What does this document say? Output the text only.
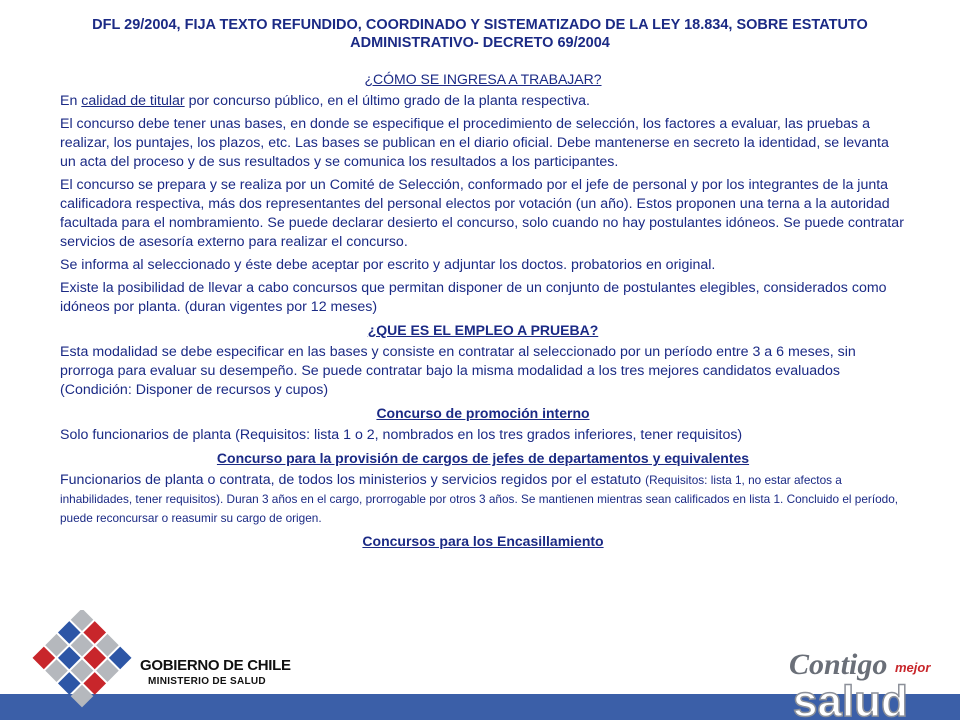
DFL 29/2004, FIJA TEXTO REFUNDIDO, COORDINADO Y SISTEMATIZADO DE LA LEY 18.834, SOBRE ESTATUTO ADMINISTRATIVO- DECRETO 69/2004
¿CÓMO SE INGRESA A TRABAJAR?

En calidad de titular por concurso público, en el último grado de la planta respectiva.

El concurso debe tener unas bases, en donde se especifique el procedimiento de selección, los factores a evaluar, las pruebas a realizar, los puntajes, los plazos, etc. Las bases se publican en el diario oficial. Debe mantenerse en secreto la identidad, se levanta un acta del proceso y de sus resultados y se comunica los resultados a los participantes.

El concurso se prepara y se realiza por un Comité de Selección, conformado por el jefe de personal y por los integrantes de la junta calificadora respectiva, más dos representantes del personal electos por votación (un año). Estos proponen una terna a la autoridad facultada para el nombramiento. Se puede declarar desierto el concurso, solo cuando no hay postulantes idóneos. Se puede contratar servicios de asesoría externo para realizar el concurso.

Se informa al seleccionado y éste debe aceptar por escrito y adjuntar los doctos. probatorios en original.

Existe la posibilidad de llevar a cabo concursos que permitan disponer de un conjunto de postulantes elegibles, considerados como idóneos por planta. (duran vigentes por 12 meses)

¿QUE ES EL EMPLEO A PRUEBA?

Esta modalidad se debe especificar en las bases y consiste en contratar al seleccionado por un período entre 3 a 6 meses, sin prorroga para evaluar su desempeño. Se puede contratar bajo la misma modalidad a los tres mejores candidatos evaluados (Condición: Disponer de recursos y cupos)

Concurso de promoción interno

Solo funcionarios de planta (Requisitos: lista 1 o 2, nombrados en los tres grados inferiores, tener requisitos)

Concurso para la provisión de cargos de jefes de departamentos y equivalentes

Funcionarios de planta o contrata, de todos los ministerios y servicios regidos por el estatuto (Requisitos: lista 1, no estar afectos a inhabilidades, tener requisitos). Duran 3 años en el cargo, prorrogable por otros 3 años. Se mantienen mientras sean calificados en lista 1. Concluido el período, puede reconcursar o reasumir su cargo de origen.

Concursos para los Encasillamiento
GOBIERNO DE CHILE
MINISTERIO DE SALUD
Contigo mejor
salud
